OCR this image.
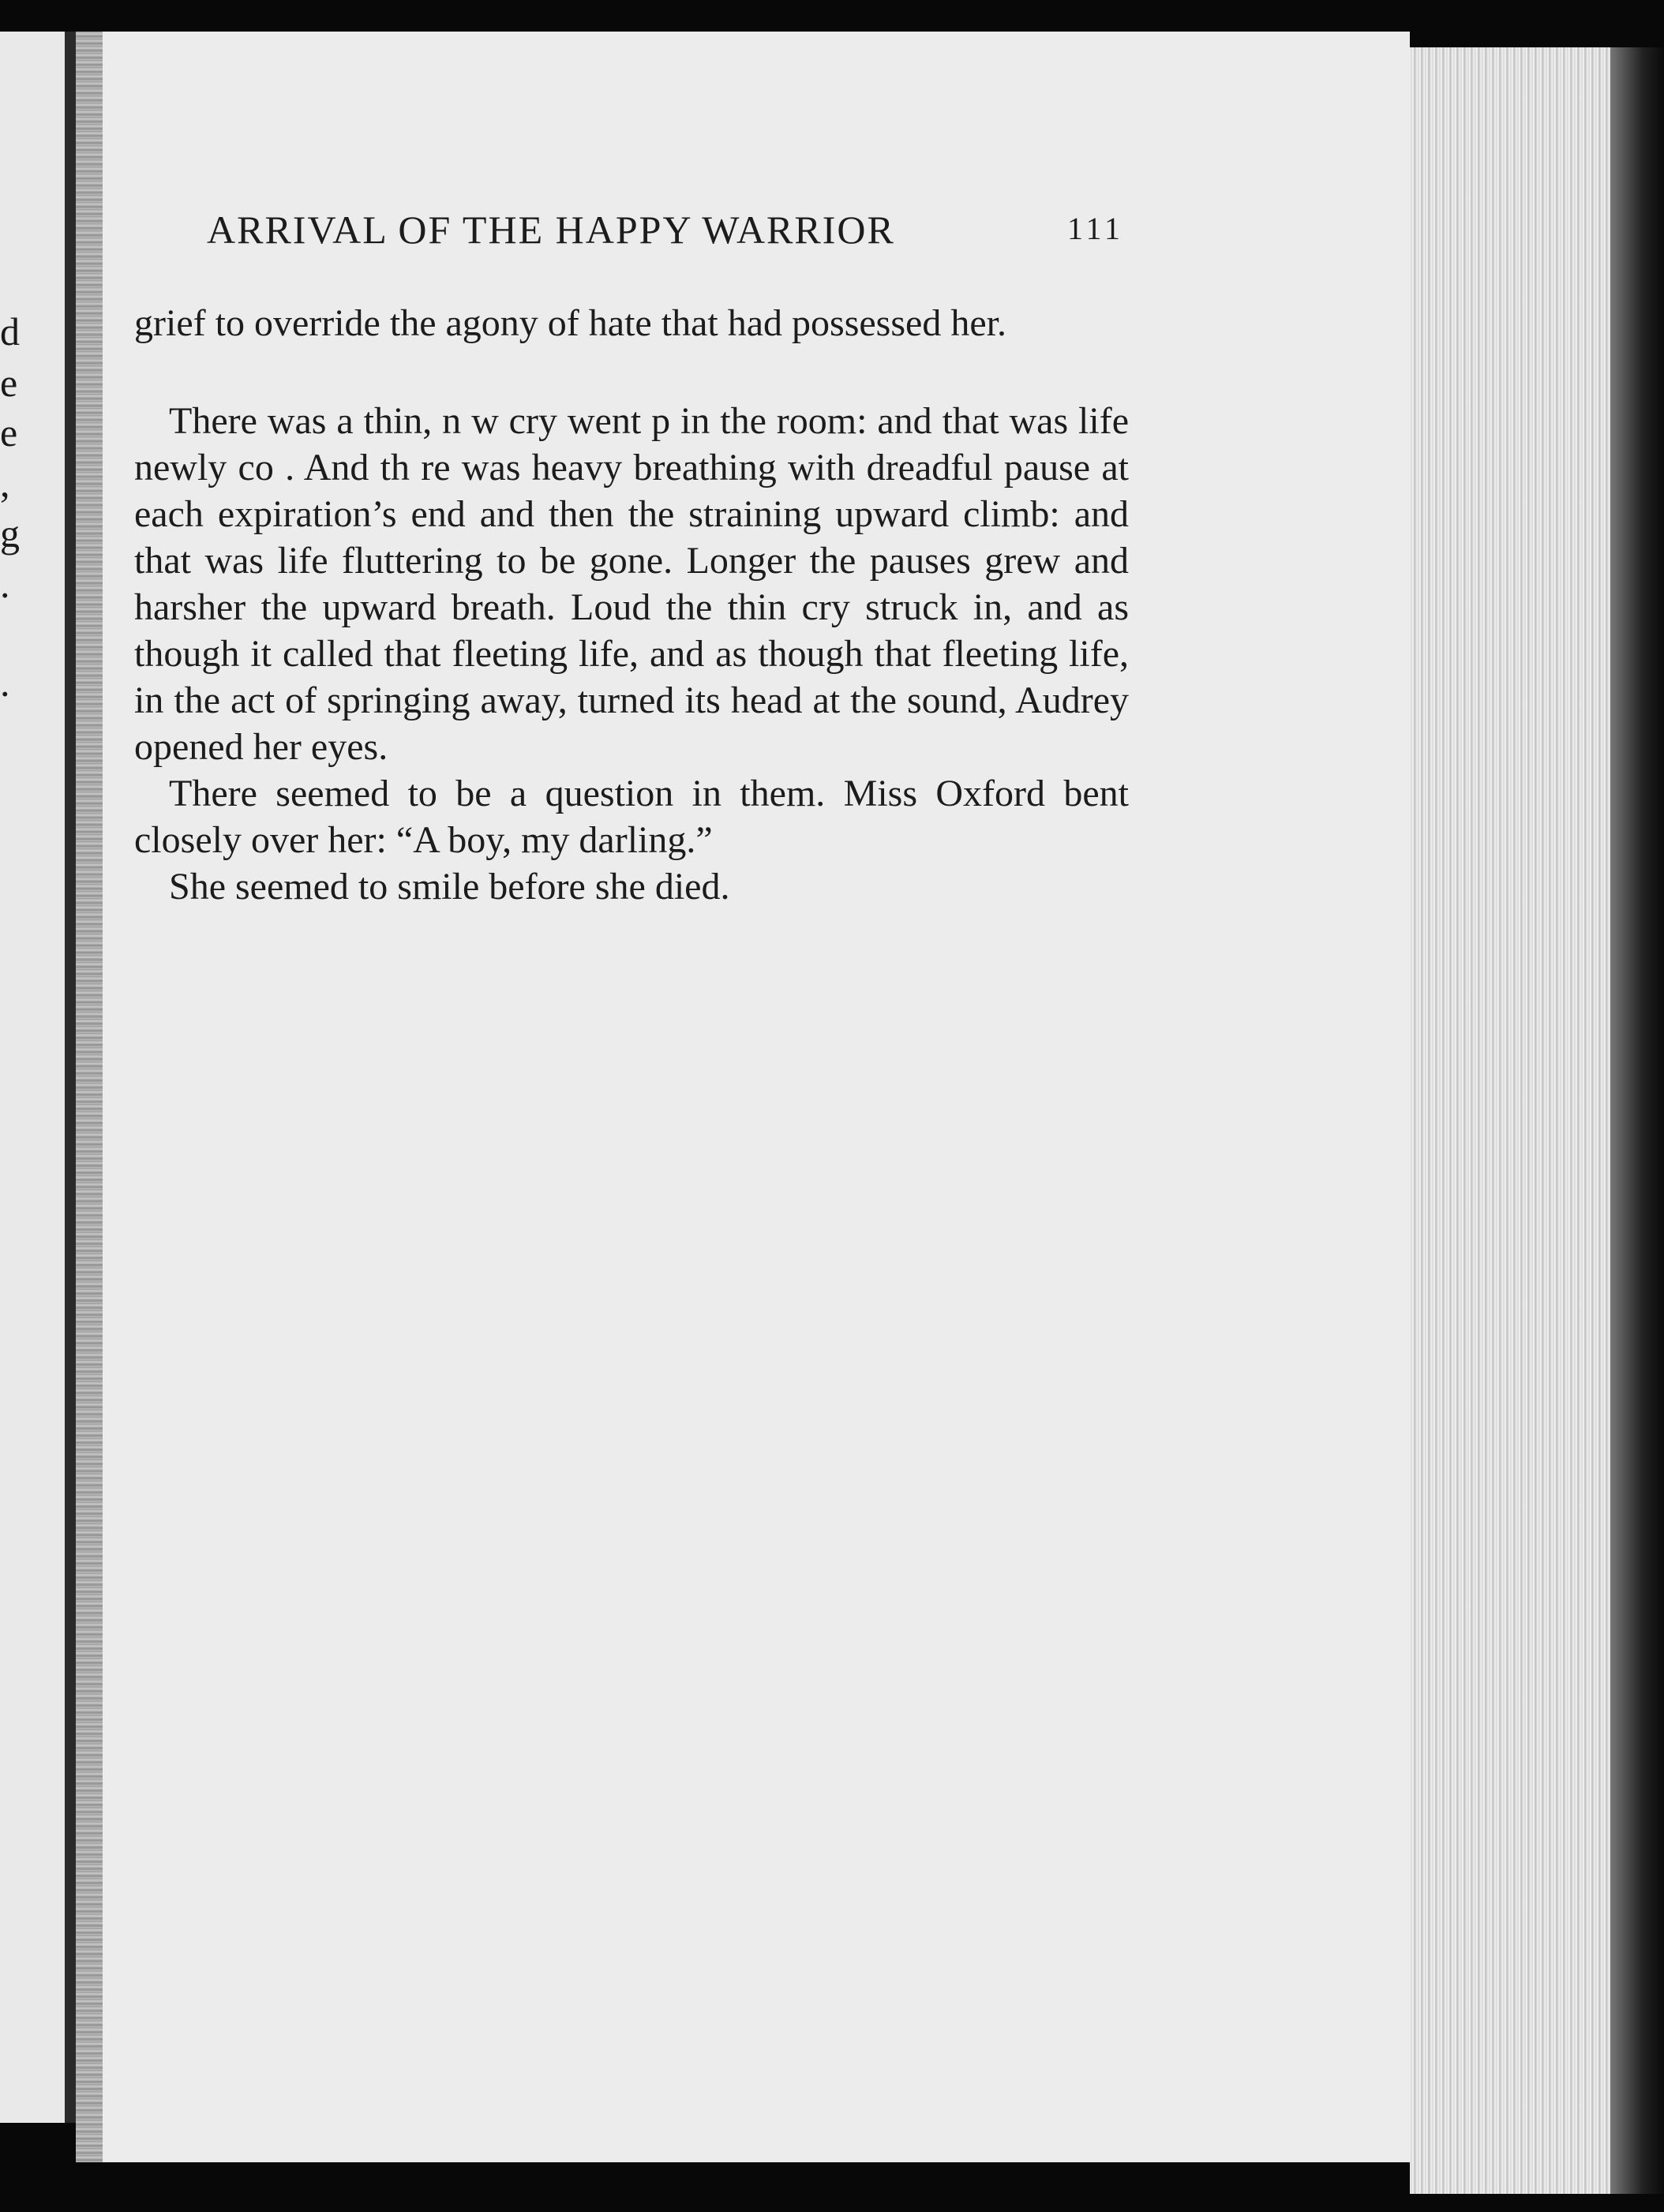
d
e
e
,
g
.
.
ARRIVAL OF THE HAPPY WARRIOR	111

grief to override the agony of hate that had possessed her.

There was a thin, n w cry went p in the room: and that was life newly co . And th re was heavy breathing with dreadful pause at each expiration’s end and then the straining upward climb: and that was life fluttering to be gone. Longer the pauses grew and harsher the upward breath. Loud the thin cry struck in, and as though it called that fleeting life, and as though that fleeting life, in the act of springing away, turned its head at the sound, Audrey opened her eyes.

There seemed to be a question in them. Miss Oxford bent closely over her: “A boy, my darling.”

She seemed to smile before she died.
